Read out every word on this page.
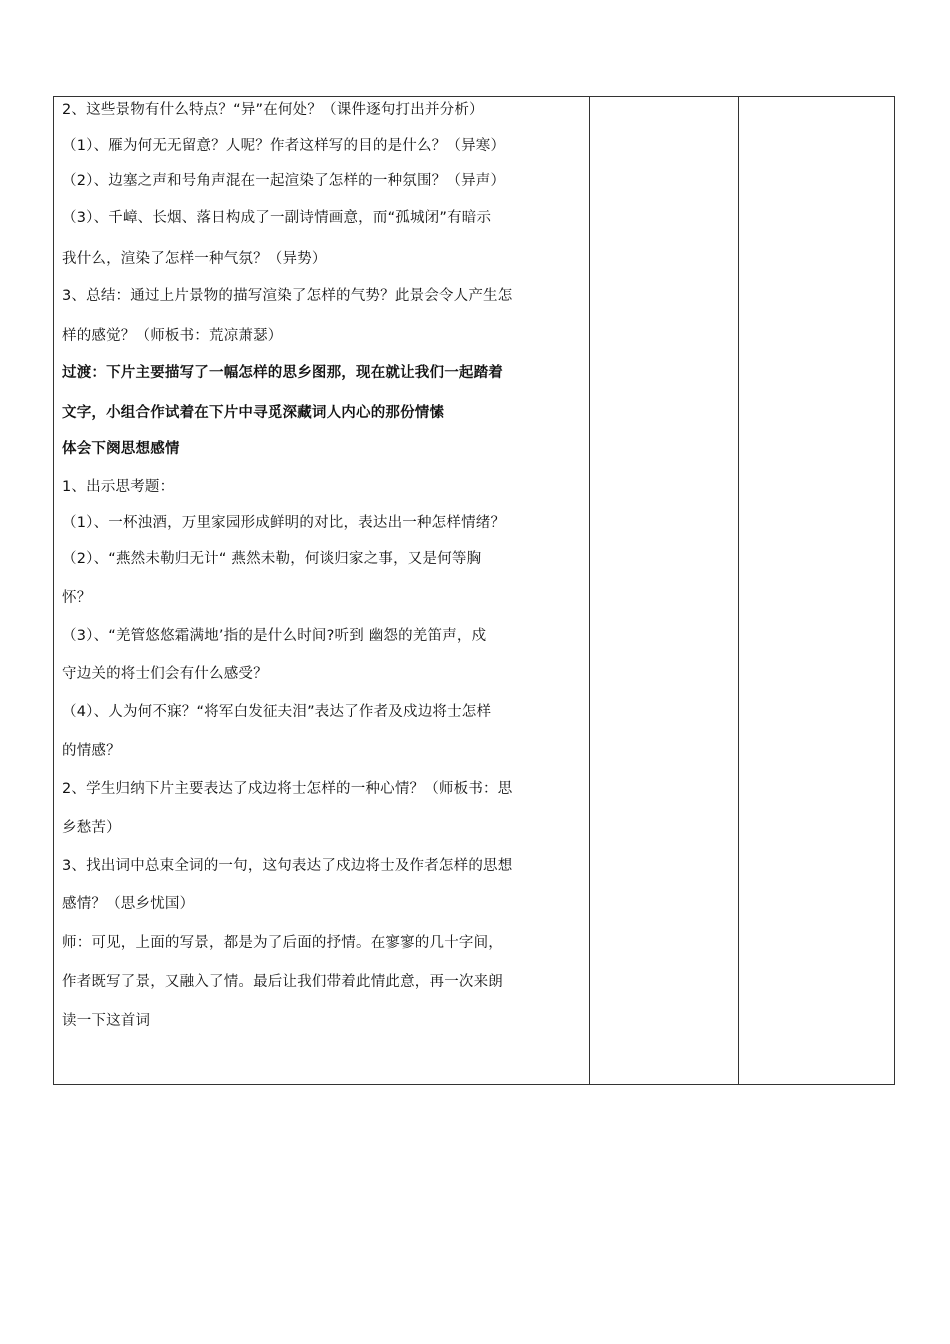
2、这些景物有什么特点？“异”在何处？（课件逐句打出并分析）
（1）、雁为何无无留意？人呢？作者这样写的目的是什么？（异寒）
（2）、边塞之声和号角声混在一起渲染了怎样的一种氛围？（异声）
（3）、千嶂、长烟、落日构成了一副诗情画意，而“孤城闭”有暗示
我什么，渲染了怎样一种气氛？（异势）
3、总结：通过上片景物的描写渲染了怎样的气势？此景会令人产生怎
样的感觉？（师板书：荒凉萧瑟）
过渡：下片主要描写了一幅怎样的思乡图那，现在就让我们一起踏着
文字，小组合作试着在下片中寻觅深藏词人内心的那份情愫
体会下阕思想感情
1、出示思考题：
（1）、一杯浊酒，万里家园形成鲜明的对比，表达出一种怎样情绪？
（2）、“燕然未勒归无计“ 燕然未勒，何谈归家之事，又是何等胸
怀？
（3）、“羌管悠悠霜满地’指的是什么时间?听到 幽怨的羌笛声，戍
守边关的将士们会有什么感受？
（4）、人为何不寐？“将军白发征夫泪”表达了作者及戍边将士怎样
的情感？
2、学生归纳下片主要表达了戍边将士怎样的一种心情？（师板书：思
乡愁苦）
3、找出词中总束全词的一句，这句表达了戍边将士及作者怎样的思想
感情？（思乡忧国）
师：可见，上面的写景，都是为了后面的抒情。在寥寥的几十字间，
作者既写了景，又融入了情。最后让我们带着此情此意，再一次来朗
读一下这首词
